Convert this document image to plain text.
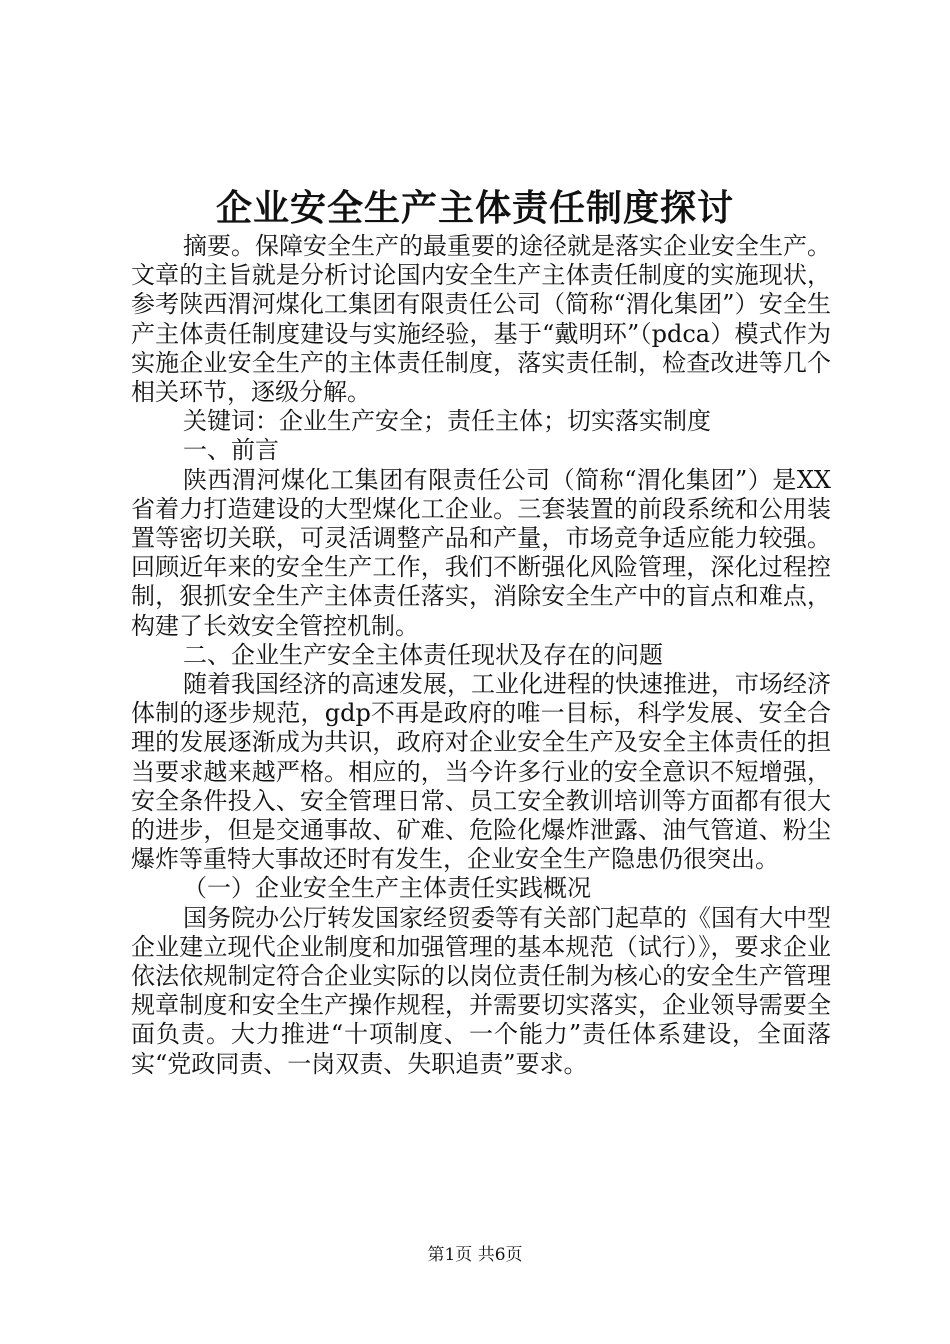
企业安全生产主体责任制度探讨

摘要。保障安全生产的最重要的途径就是落实企业安全生产。文章的主旨就是分析讨论国内安全生产主体责任制度的实施现状，参考陕西渭河煤化工集团有限责任公司（简称“渭化集团”）安全生产主体责任制度建设与实施经验，基于“戴明环”（pdca）模式作为实施企业安全生产的主体责任制度，落实责任制，检查改进等几个相关环节，逐级分解。

关键词：企业生产安全；责任主体；切实落实制度

一、前言

陕西渭河煤化工集团有限责任公司（简称“渭化集团”）是XX省着力打造建设的大型煤化工企业。三套装置的前段系统和公用装置等密切关联，可灵活调整产品和产量，市场竞争适应能力较强。回顾近年来的安全生产工作，我们不断强化风险管理，深化过程控制，狠抓安全生产主体责任落实，消除安全生产中的盲点和难点，构建了长效安全管控机制。

二、企业生产安全主体责任现状及存在的问题

随着我国经济的高速发展，工业化进程的快速推进，市场经济体制的逐步规范，gdp不再是政府的唯一目标，科学发展、安全合理的发展逐渐成为共识，政府对企业安全生产及安全主体责任的担当要求越来越严格。相应的，当今许多行业的安全意识不短增强，安全条件投入、安全管理日常、员工安全教训培训等方面都有很大的进步，但是交通事故、矿难、危险化爆炸泄露、油气管道、粉尘爆炸等重特大事故还时有发生，企业安全生产隐患仍很突出。

（一）企业安全生产主体责任实践概况

国务院办公厅转发国家经贸委等有关部门起草的《国有大中型企业建立现代企业制度和加强管理的基本规范（试行）》，要求企业依法依规制定符合企业实际的以岗位责任制为核心的安全生产管理规章制度和安全生产操作规程，并需要切实落实，企业领导需要全面负责。大力推进“十项制度、一个能力”责任体系建设，全面落实“党政同责、一岗双责、失职追责”要求。

第1页 共6页
